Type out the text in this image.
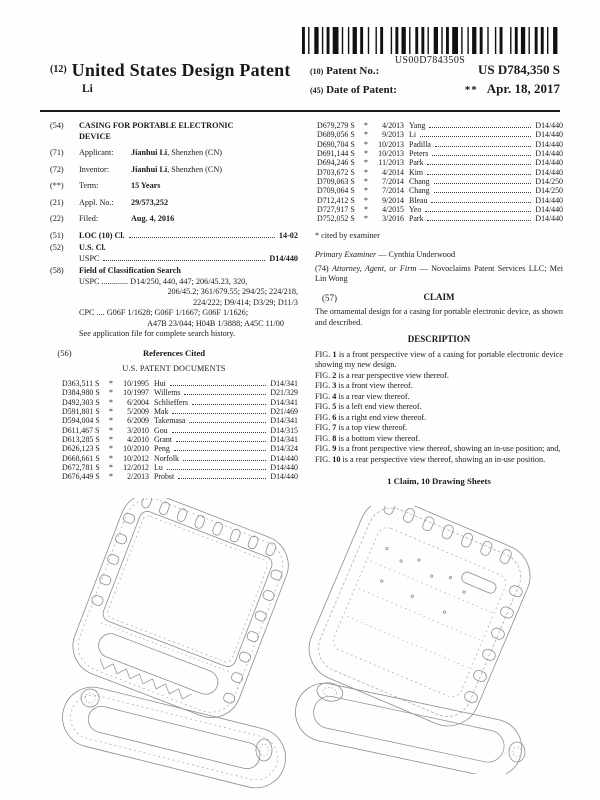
US00D784350S
$^{(12)}$ United States Design Patent
Li
(10) Patent No.:	US D784,350 S
(45) Date of Patent:	** Apr. 18, 2017
(54)	CASING FOR PORTABLE ELECTRONIC DEVICE
(71)	Applicant: Jianhui Li, Shenzhen (CN)
(72)	Inventor:	Jianhui Li, Shenzhen (CN)
(**)	Term:	15 Years
(21)	Appl. No.: 29/573,252
(22)	Filed:	Aug. 4, 2016
(51)	LOC (10) Cl.	14-02
(52)	U.S. Cl.
USPC	D14/440
(58)	Field of Classification Search
USPC ............. D14/250, 440, 447; 206/45.23, 320,
206/45.2; 361/679.55; 294/25; 224/218,
224/222; D9/414; D3/29; D11/3
CPC .... G06F 1/1628; G06F 1/1667; G06F 1/1626;
A47B 23/044; H04B 1/3888; A45C 11/00
See application file for complete search history.
(56)	References Cited
U.S. PATENT DOCUMENTS
D363,511 S	*	10/1995 Hui	D14/341
D384,980 S	*	10/1997 Willems	D21/329
D492,303 S	*	6/2004 Schlieffers	D14/341
D591,801 S	*	5/2009 Mak	D21/469
D594,004 S	*	6/2009 Takemasa	D14/341
D611,467 S	*	3/2010 Gou	D14/315
D613,285 S	*	4/2010 Grant	D14/341
D626,123 S	*	10/2010 Peng	D14/324
D668,661 S	*	10/2012 Norfolk	D14/440
D672,781 S	*	12/2012 Lu	D14/440
D676,449 S	*	2/2013 Probst	D14/440
D679,279 S	*	4/2013 Yang	D14/440
D689,056 S	*	9/2013 Li	D14/440
D690,704 S	*	10/2013 Padilla	D14/440
D691,144 S	*	10/2013 Peters	D14/440
D694,246 S	*	11/2013 Park	D14/440
D703,672 S	*	4/2014 Kim	D14/440
D709,063 S	*	7/2014 Chang	D14/250
D709,064 S	*	7/2014 Chang	D14/250
D712,412 S	*	9/2014 Bleau	D14/440
D727,917 S	*	4/2015 Yeo	D14/440
D752,052 S	*	3/2016 Park	D14/440
* cited by examiner
Primary Examiner — Cynthia Underwood
(74) Attorney, Agent, or Firm — Novoclaims Patent Services LLC; Mei Lin Wong
(57)	CLAIM
The ornamental design for a casing for portable electronic device, as shown and described.
DESCRIPTION
FIG. 1 is a front perspective view of a casing for portable electronic device showing my new design.
FIG. 2 is a rear perspective view thereof.
FIG. 3 is a front view thereof.
FIG. 4 is a rear view thereof.
FIG. 5 is a left end view thereof.
FIG. 6 is a right end view thereof.
FIG. 7 is a top view thereof.
FIG. 8 is a bottom view thereof.
FIG. 9 is a front perspective view thereof, showing an in-use position; and,
FIG. 10 is a rear perspective view thereof, showing an in-use position.
1 Claim, 10 Drawing Sheets
